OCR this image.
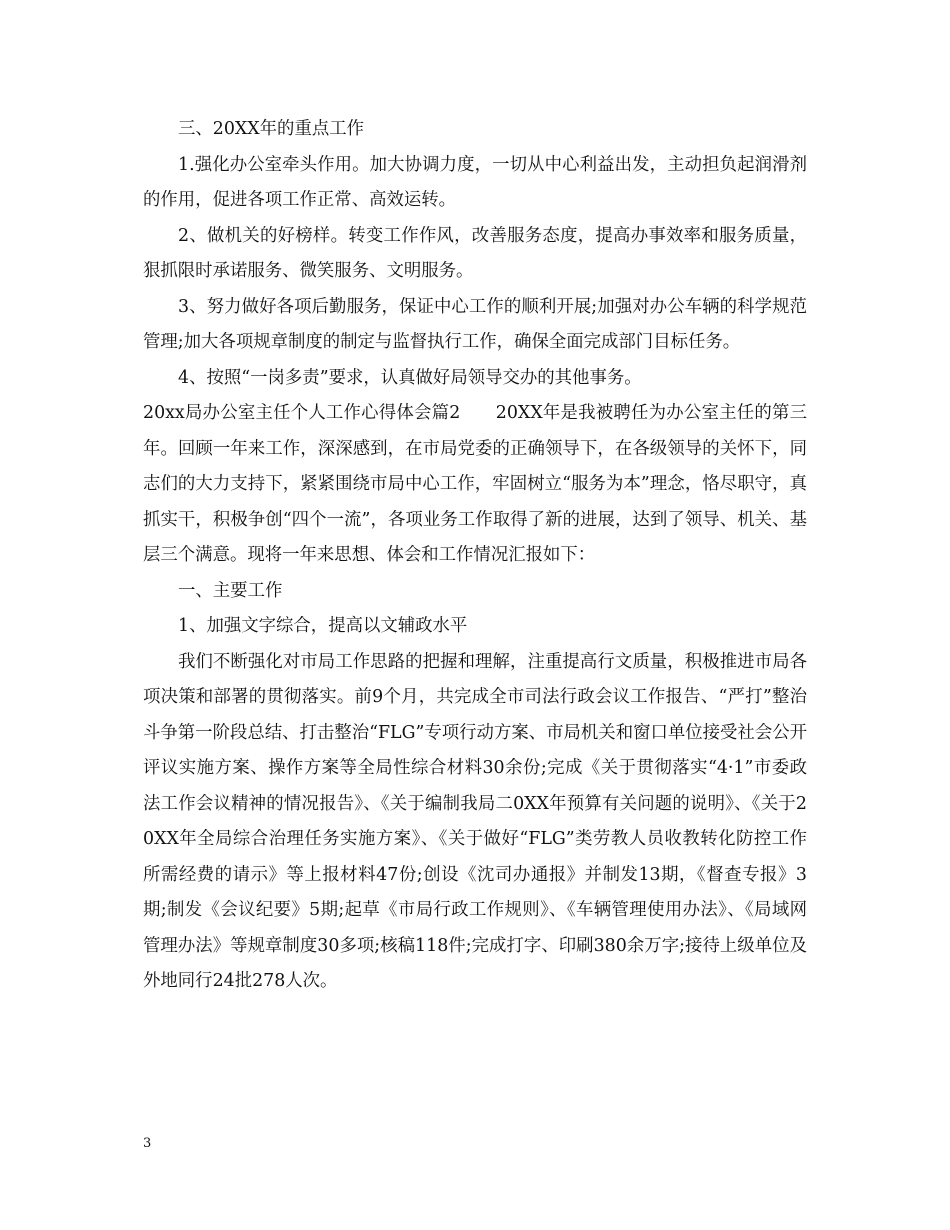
三、20XX年的重点工作

1.强化办公室牵头作用。加大协调力度，一切从中心利益出发，主动担负起润滑剂的作用，促进各项工作正常、高效运转。

2、做机关的好榜样。转变工作作风，改善服务态度，提高办事效率和服务质量，狠抓限时承诺服务、微笑服务、文明服务。

3、努力做好各项后勤服务，保证中心工作的顺利开展;加强对办公车辆的科学规范管理;加大各项规章制度的制定与监督执行工作，确保全面完成部门目标任务。

4、按照“一岗多责”要求，认真做好局领导交办的其他事务。

20xx局办公室主任个人工作心得体会篇2　　20XX年是我被聘任为办公室主任的第三年。回顾一年来工作，深深感到，在市局党委的正确领导下，在各级领导的关怀下，同志们的大力支持下，紧紧围绕市局中心工作，牢固树立“服务为本”理念，恪尽职守，真抓实干，积极争创“四个一流”，各项业务工作取得了新的进展，达到了领导、机关、基层三个满意。现将一年来思想、体会和工作情况汇报如下：

一、主要工作

1、加强文字综合，提高以文辅政水平

我们不断强化对市局工作思路的把握和理解，注重提高行文质量，积极推进市局各项决策和部署的贯彻落实。前9个月，共完成全市司法行政会议工作报告、“严打”整治斗争第一阶段总结、打击整治“FLG”专项行动方案、市局机关和窗口单位接受社会公开评议实施方案、操作方案等全局性综合材料30余份;完成《关于贯彻落实“4·1”市委政法工作会议精神的情况报告》、《关于编制我局二0XX年预算有关问题的说明》、《关于20XX年全局综合治理任务实施方案》、《关于做好“FLG”类劳教人员收教转化防控工作所需经费的请示》等上报材料47份;创设《沈司办通报》并制发13期，《督查专报》3期;制发《会议纪要》5期;起草《市局行政工作规则》、《车辆管理使用办法》、《局域网管理办法》等规章制度30多项;核稿118件;完成打字、印刷380余万字;接待上级单位及外地同行24批278人次。

3
